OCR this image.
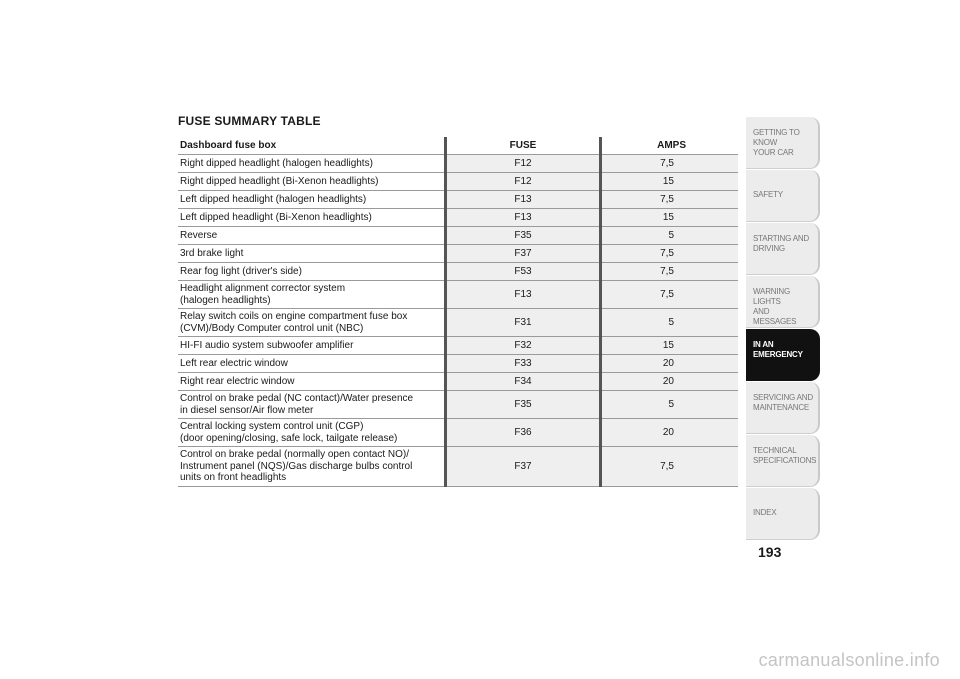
FUSE SUMMARY TABLE
Dashboard fuse box	FUSE	AMPS
Right dipped headlight (halogen headlights)	F12	7,5
Right dipped headlight (Bi-Xenon headlights)	F12	15
Left dipped headlight (halogen headlights)	F13	7,5
Left dipped headlight (Bi-Xenon headlights)	F13	15
Reverse	F35	5
3rd brake light	F37	7,5
Rear fog light (driver's side)	F53	7,5
Headlight alignment corrector system
(halogen headlights)	F13	7,5
Relay switch coils on engine compartment fuse box
(CVM)/Body Computer control unit (NBC)	F31	5
HI-FI audio system subwoofer amplifier	F32	15
Left rear electric window	F33	20
Right rear electric window	F34	20
Control on brake pedal (NC contact)/Water presence
in diesel sensor/Air flow meter	F35	5
Central locking system control unit (CGP)
(door opening/closing, safe lock, tailgate release)	F36	20
Control on brake pedal (normally open contact NO)/
Instrument panel (NQS)/Gas discharge bulbs control
units on front headlights	F37	7,5
GETTING TO KNOW
YOUR CAR
SAFETY
STARTING AND
DRIVING
WARNING LIGHTS
AND MESSAGES
IN AN
EMERGENCY
SERVICING AND
MAINTENANCE
TECHNICAL
SPECIFICATIONS
INDEX
193
carmanualsonline.info
